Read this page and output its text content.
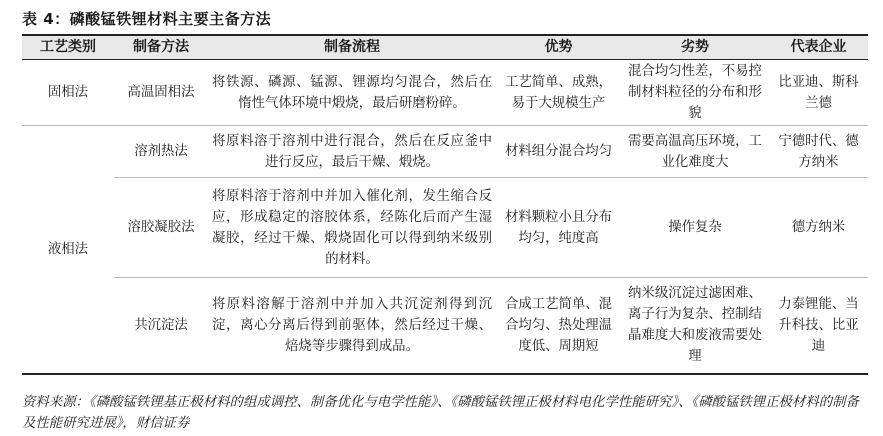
表 4：磷酸锰铁锂材料主要主备方法
工艺类别	制备方法	制备流程	优势	劣势	代表企业
固相法	高温固相法	将铁源、磷源、锰源、锂源均匀混合，然后在惰性气体环境中煅烧，最后研磨粉碎。	工艺简单、成熟，易于大规模生产	混合均匀性差，不易控制材料粒径的分布和形貌	比亚迪、斯科兰德
液相法	溶剂热法	将原料溶于溶剂中进行混合，然后在反应釜中进行反应，最后干燥、煅烧。	材料组分混合均匀	需要高温高压环境，工业化难度大	宁德时代、德方纳米
	溶胶凝胶法	将原料溶于溶剂中并加入催化剂，发生缩合反应，形成稳定的溶胶体系，经陈化后而产生湿凝胶，经过干燥、煅烧固化可以得到纳米级别的材料。	材料颗粒小且分布均匀，纯度高	操作复杂	德方纳米
	共沉淀法	将原料溶解于溶剂中并加入共沉淀剂得到沉淀，离心分离后得到前驱体，然后经过干燥、焙烧等步骤得到成品。	合成工艺简单、混合均匀、热处理温度低、周期短	纳米级沉淀过滤困难、离子行为复杂、控制结晶难度大和废液需要处理	力泰锂能、当升科技、比亚迪
资料来源：《磷酸锰铁锂基正极材料的组成调控、制备优化与电学性能》、《磷酸锰铁锂正极材料电化学性能研究》、《磷酸锰铁锂正极材料的制备及性能研究进展》，财信证券
